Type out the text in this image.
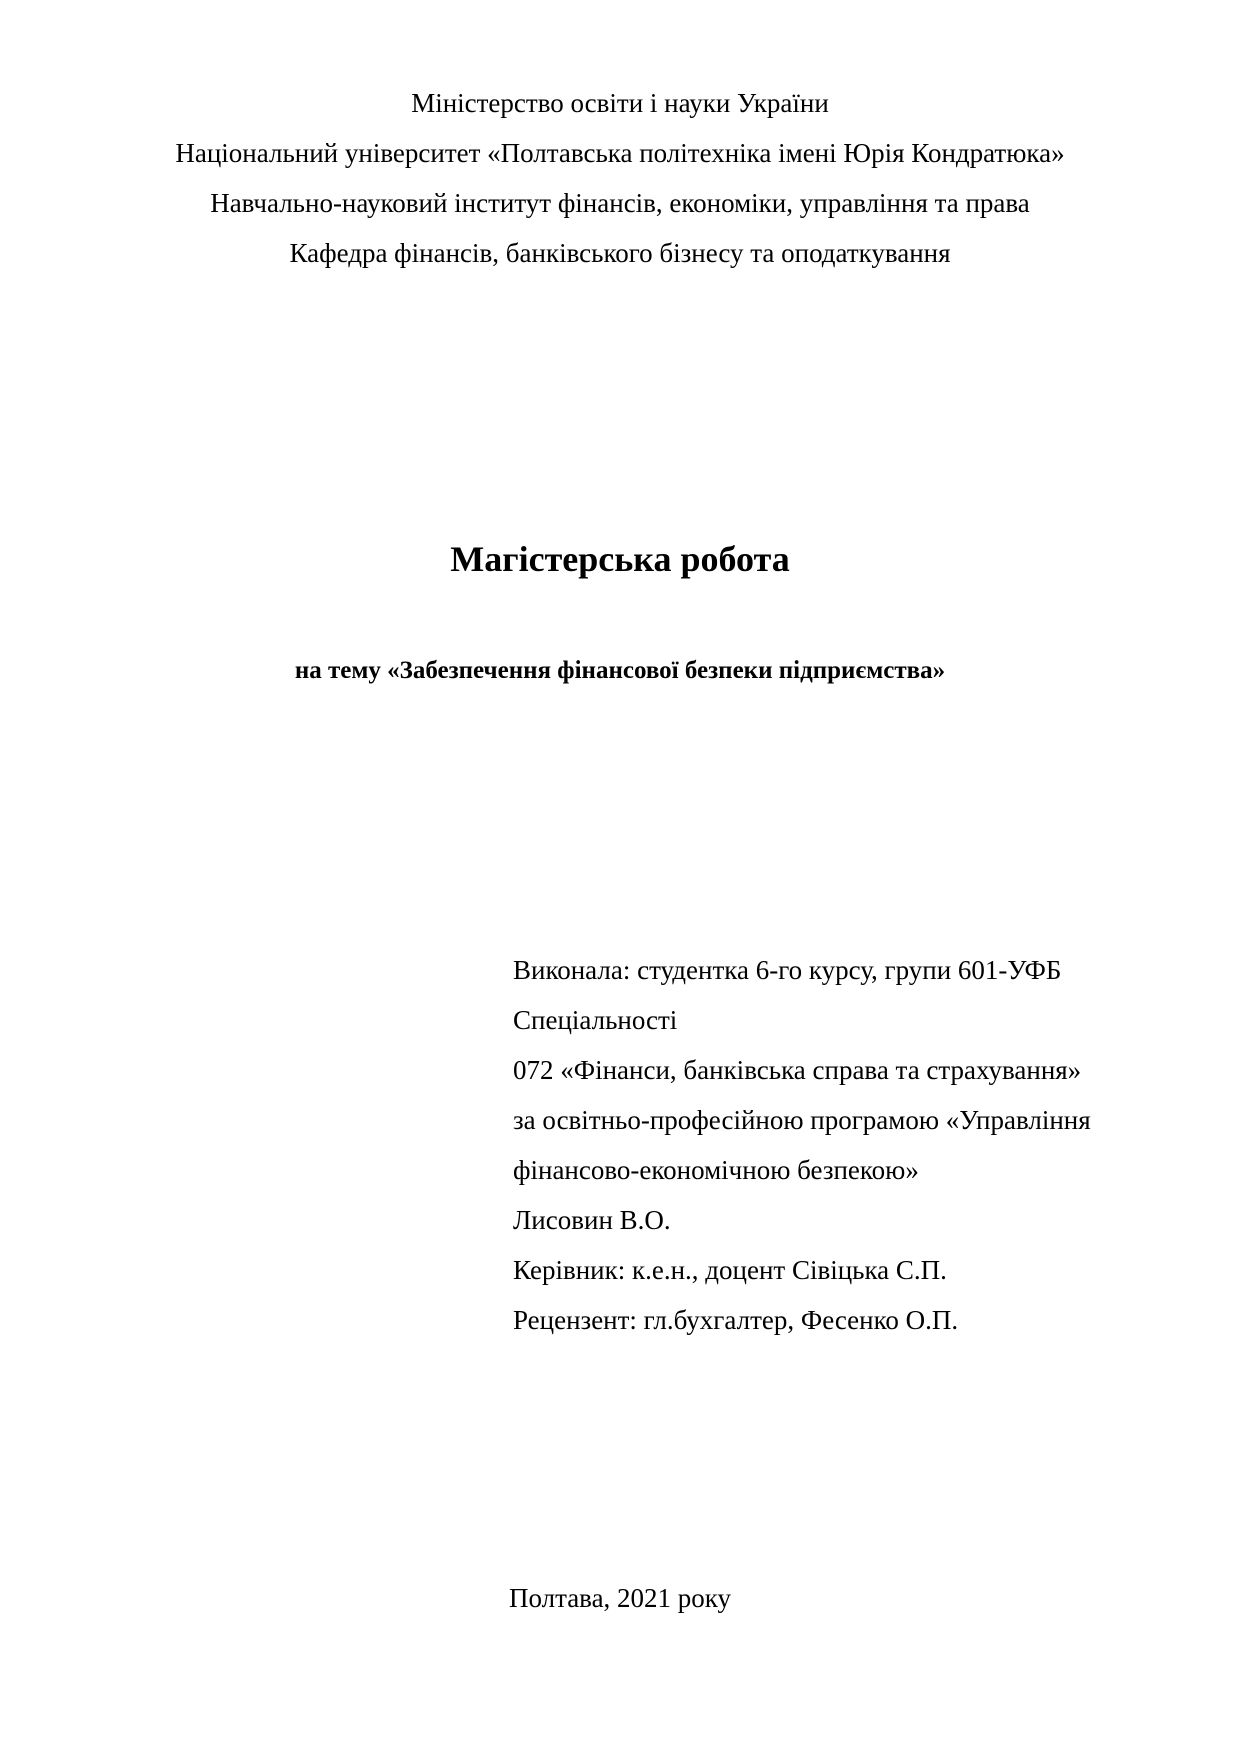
Міністерство освіти і науки України
Національний університет «Полтавська політехніка імені Юрія Кондратюка»
Навчально-науковий інститут фінансів, економіки, управління та права
Кафедра фінансів, банківського бізнесу та оподаткування
Магістерська робота
на тему «Забезпечення фінансової безпеки підприємства»
Виконала: студентка 6-го курсу, групи 601-УФБ
Спеціальності
072 «Фінанси, банківська справа та страхування»
за освітньо-професійною програмою «Управління
фінансово-економічною безпекою»
Лисовин В.О.
Керівник: к.е.н., доцент Сівіцька С.П.
Рецензент: гл.бухгалтер, Фесенко О.П.
Полтава, 2021 року
